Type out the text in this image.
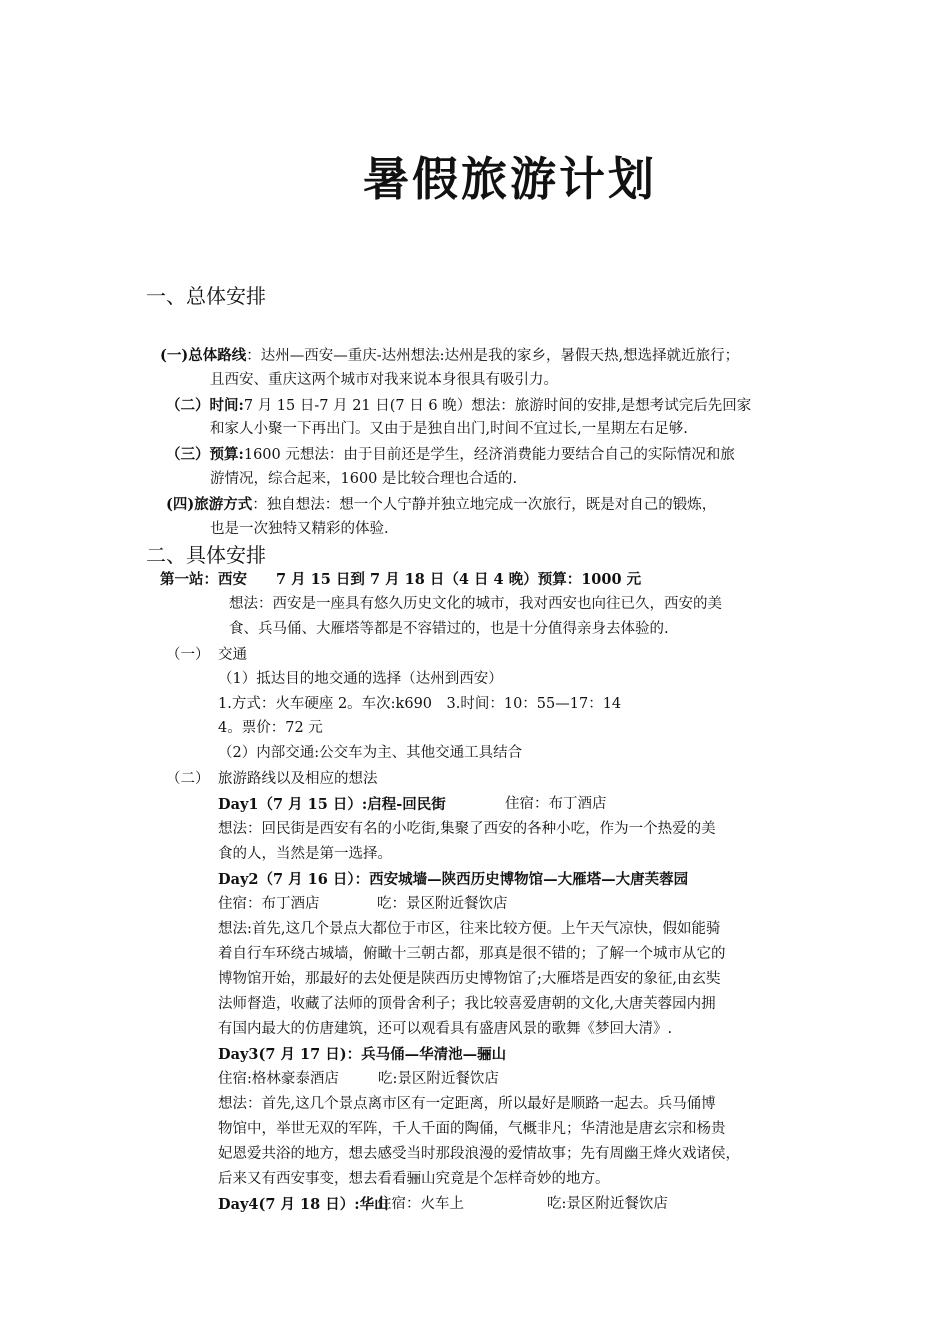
暑假旅游计划
一、总体安排
(一)总体路线：达州—西安—重庆-达州想法:达州是我的家乡，暑假天热,想选择就近旅行；
且西安、重庆这两个城市对我来说本身很具有吸引力。
（二）时间:7 月 15 日-7 月 21 日(7 日 6 晚）想法：旅游时间的安排,是想考试完后先回家
和家人小聚一下再出门。又由于是独自出门,时间不宜过长,一星期左右足够.
（三）预算:1600 元想法：由于目前还是学生，经济消费能力要结合自己的实际情况和旅
游情况，综合起来，1600 是比较合理也合适的.
(四)旅游方式：独自想法：想一个人宁静并独立地完成一次旅行，既是对自己的锻炼，
也是一次独特又精彩的体验.
二、具体安排
第一站：西安　　7 月 15 日到 7 月 18 日（4 日 4 晚）预算：1000 元
想法：西安是一座具有悠久历史文化的城市，我对西安也向往已久，西安的美
食、兵马俑、大雁塔等都是不容错过的，也是十分值得亲身去体验的.
（一） 交通
（1）抵达目的地交通的选择（达州到西安）
1.方式：火车硬座 2。车次:k690　3.时间：10：55—17：14
4。票价：72 元
（2）内部交通:公交车为主、其他交通工具结合
（二） 旅游路线以及相应的想法
Day1（7 月 15 日）:启程-回民街	住宿：布丁酒店
想法：回民街是西安有名的小吃街,集聚了西安的各种小吃，作为一个热爱的美
食的人，当然是第一选择。
Day2（7 月 16 日）：西安城墙—陕西历史博物馆—大雁塔—大唐芙蓉园
住宿：布丁酒店	吃：景区附近餐饮店
想法:首先,这几个景点大都位于市区，往来比较方便。上午天气凉快，假如能骑
着自行车环绕古城墙，俯瞰十三朝古都，那真是很不错的；了解一个城市从它的
博物馆开始，那最好的去处便是陕西历史博物馆了;大雁塔是西安的象征,由玄奘
法师督造，收藏了法师的顶骨舍利子；我比较喜爱唐朝的文化,大唐芙蓉园内拥
有国内最大的仿唐建筑，还可以观看具有盛唐风景的歌舞《梦回大清》.
Day3(7 月 17 日)：兵马俑—华清池—骊山
住宿:格林豪泰酒店	吃:景区附近餐饮店
想法：首先,这几个景点离市区有一定距离，所以最好是顺路一起去。兵马俑博
物馆中，举世无双的军阵，千人千面的陶俑，气概非凡；华清池是唐玄宗和杨贵
妃恩爱共浴的地方，想去感受当时那段浪漫的爱情故事；先有周幽王烽火戏诸侯，
后来又有西安事变，想去看看骊山究竟是个怎样奇妙的地方。
Day4(7 月 18 日）:华山
住宿：火车上	吃:景区附近餐饮店
